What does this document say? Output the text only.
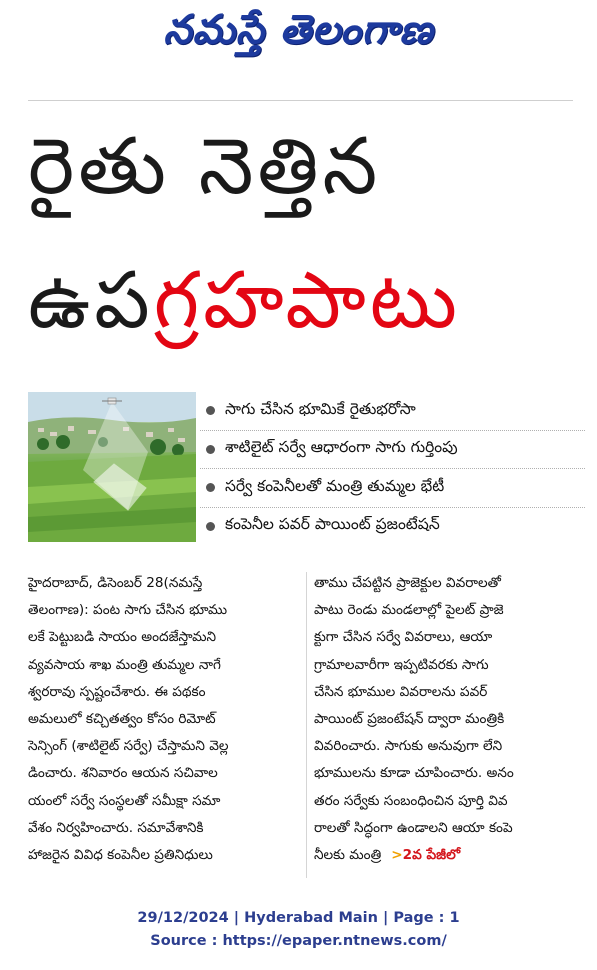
నమస్తే తెలంగాణ
రైతు నెత్తిన
ఉపగ్రహపాటు
సాగు చేసిన భూమికే రైతుభరోసా
శాటిలైట్ సర్వే ఆధారంగా సాగు గుర్తింపు
సర్వే కంపెనీలతో మంత్రి తుమ్మల భేటీ
కంపెనీల పవర్ పాయింట్ ప్రజంటేషన్
హైదరాబాద్, డిసెంబర్ 28(నమస్తే
తెలంగాణ): పంట సాగు చేసిన భూము
లకే పెట్టుబడి సాయం అందజేస్తామని
వ్యవసాయ శాఖ మంత్రి తుమ్మల నాగే
శ్వరరావు స్పష్టంచేశారు. ఈ పథకం
అమలులో కచ్చితత్వం కోసం రిమోట్
సెన్సింగ్ (శాటిలైట్ సర్వే) చేస్తామని వెల్ల
డించారు. శనివారం ఆయన సచివాల
యంలో సర్వే సంస్థలతో సమీక్షా సమా
వేశం నిర్వహించారు. సమావేశానికి
హాజరైన వివిధ కంపెనీల ప్రతినిధులు
తాము చేపట్టిన ప్రాజెక్టుల వివరాలతో
పాటు రెండు మండలాల్లో పైలట్ ప్రాజె
క్టుగా చేసిన సర్వే వివరాలు, ఆయా
గ్రామాలవారీగా ఇప్పటివరకు సాగు
చేసిన భూముల వివరాలను పవర్
పాయింట్ ప్రజంటేషన్ ద్వారా మంత్రికి
వివరించారు. సాగుకు అనువుగా లేని
భూములను కూడా చూపించారు. అనం
తరం సర్వేకు సంబంధించిన పూర్తి వివ
రాలతో సిద్ధంగా ఉండాలని ఆయా కంపె
నీలకు మంత్రి >2వ పేజీలో
29/12/2024 | Hyderabad Main | Page : 1
Source : https://epaper.ntnews.com/
